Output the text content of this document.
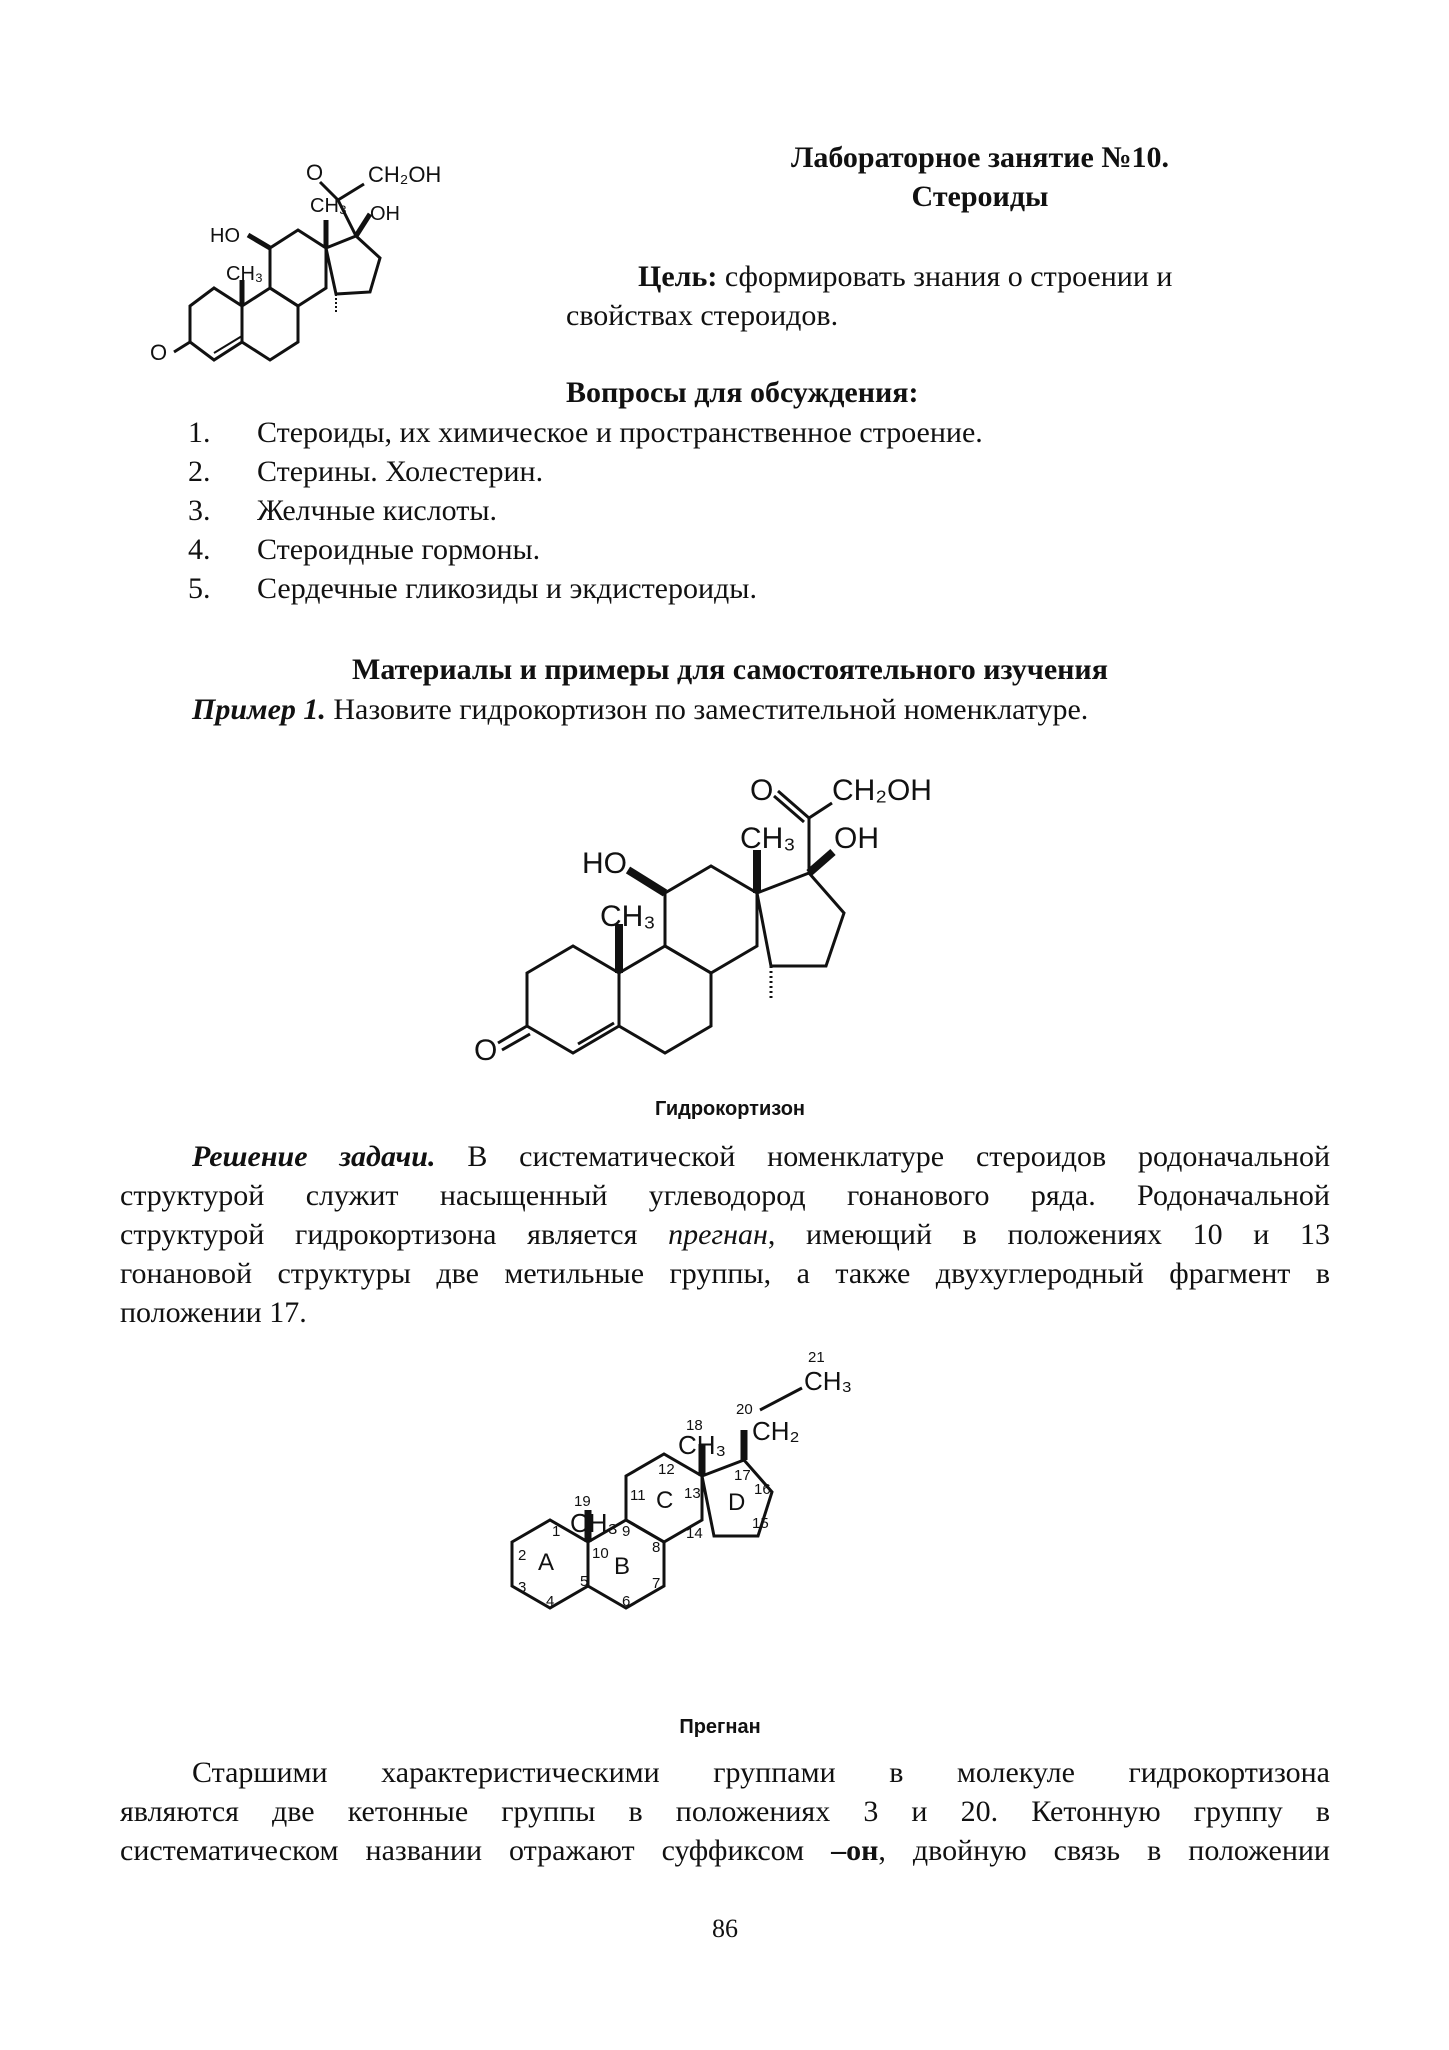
O
HO
CH₃
CH₃ OH
O CH₂OH
Лабораторное занятие №10.
Стероиды
Цель: сформировать знания о строении и
свойствах стероидов.
Вопросы для обсуждения:
1. Стероиды, их химическое и пространственное строение.
2. Стерины. Холестерин.
3. Желчные кислоты.
4. Стероидные гормоны.
5. Сердечные гликозиды и экдистероиды.
Материалы и примеры для самостоятельного изучения
Пример 1. Назовите гидрокортизон по заместительной номенклатуре.
O CH₂OH
CH₃ OH
HO
CH₃
O
Гидрокортизон
Решение задачи. В систематической номенклатуре стероидов родоначальной
структурой служит насыщенный углеводород гонанового ряда. Родоначальной
структурой гидрокортизона является прегнан, имеющий в положениях 10 и 13
гонановой структуры две метильные группы, а также двухуглеродный фрагмент в
положении 17.
CH₂
CH₃
CH₃
CH₃
A B
C D
1
2
3
4
5
6
7
8
9
10
11
12
13
14
15
16
17
18
19
20
21
Прегнан
Старшими характеристическими группами в молекуле гидрокортизона
являются две кетонные группы в положениях 3 и 20. Кетонную группу в
систематическом названии отражают суффиксом –он, двойную связь в положении
86
